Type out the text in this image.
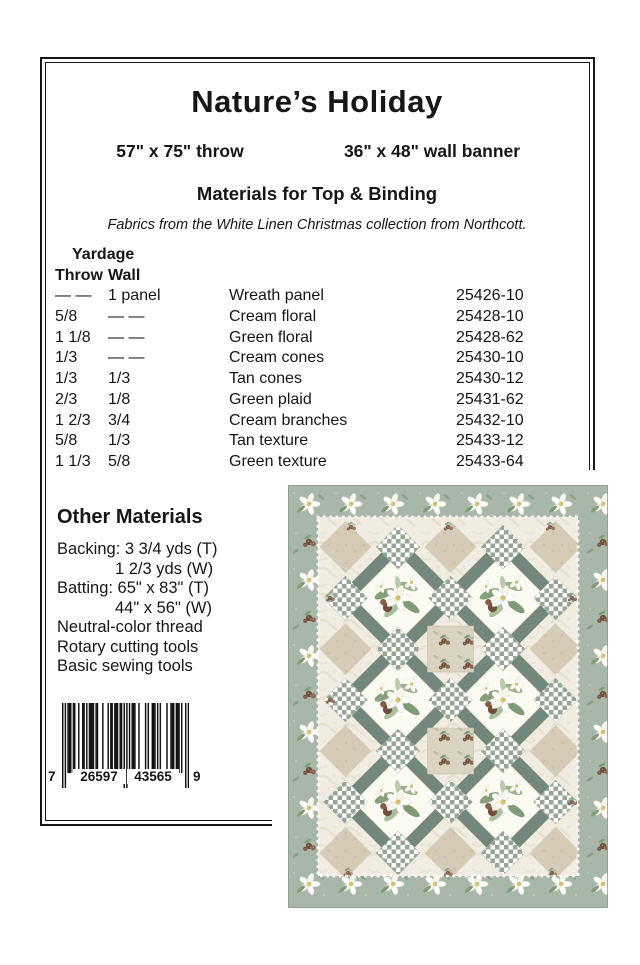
Nature’s Holiday
57" x 75" throw	36" x 48" wall banner
Materials for Top & Binding
Fabrics from the White Linen Christmas collection from Northcott.
Yardage
Throw Wall
— —	1 panel	Wreath panel	25426-10
5/8	— —	Cream floral	25428-10
1 1/8	— —	Green floral	25428-62
1/3	— —	Cream cones	25430-10
1/3	1/3	Tan cones	25430-12
2/3	1/8	Green plaid	25431-62
1 2/3	3/4	Cream branches	25432-10
5/8	1/3	Tan texture	25433-12
1 1/3	5/8	Green texture	25433-64
Other Materials
Backing: 3 3/4 yds (T)
1 2/3 yds (W)
Batting: 65" x 83" (T)
44" x 56" (W)
Neutral-color thread
Rotary cutting tools
Basic sewing tools
7	26597	43565	9
